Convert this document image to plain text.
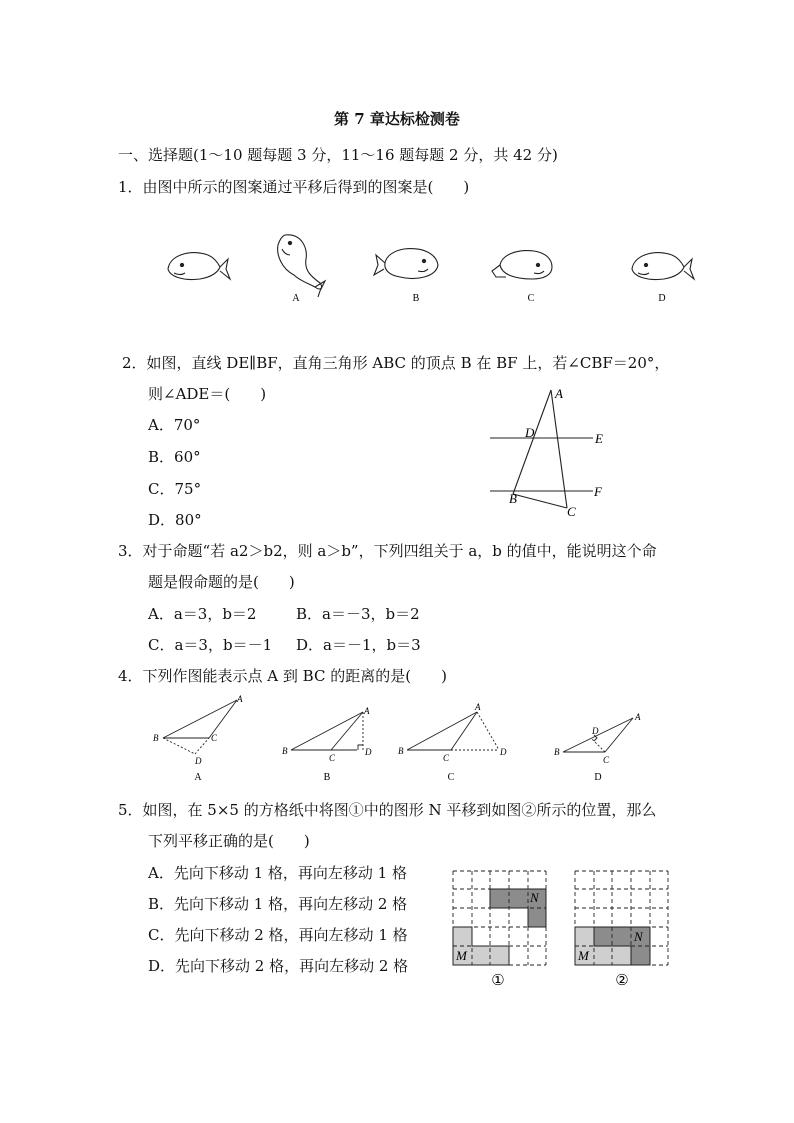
第 7 章达标检测卷
一、选择题(1～10 题每题 3 分，11～16 题每题 2 分，共 42 分)
1．由图中所示的图案通过平移后得到的图案是(　　)
A	B	C	D
2．如图，直线 DE∥BF，直角三角形 ABC 的顶点 B 在 BF 上，若∠CBF＝20°，
则∠ADE＝(　　)
A．70°
B．60°
C．75°
D．80°
A
D	E
B	F
C
3．对于命题“若 a2＞b2，则 a＞b”，下列四组关于 a，b 的值中，能说明这个命
题是假命题的是(　　)
A．a＝3，b＝2	B．a＝－3，b＝2
C．a＝3，b＝－1 D．a＝－1，b＝3
4．下列作图能表示点 A 到 BC 的距离的是(　　)
A
B	C
D
A
B
C
D
A
B
C
D
A
B
C
D
A	B	C	D
5．如图，在 5×5 的方格纸中将图①中的图形 N 平移到如图②所示的位置，那么
下列平移正确的是(　　)
A．先向下移动 1 格，再向左移动 1 格
B．先向下移动 1 格，再向左移动 2 格
C．先向下移动 2 格，再向左移动 1 格
D．先向下移动 2 格，再向左移动 2 格
M
N
M
N
①	②
